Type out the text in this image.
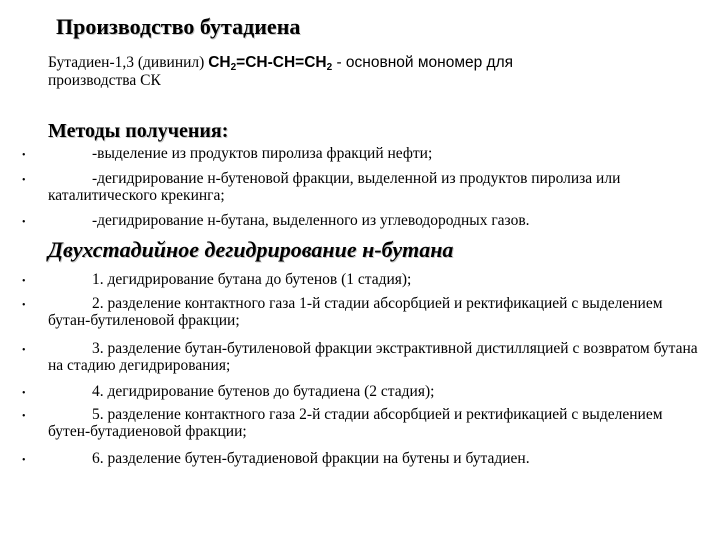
Производство бутадиена
Бутадиен-1,3 (дивинил) $CH_2=CH-CH=CH_2$ - основной мономер для
производства СК
Методы получения:
•	-выделение из продуктов пиролиза фракций нефти;
•	-дегидрирование н-бутеновой фракции, выделенной из продуктов пиролиза или каталитического крекинга;
•	-дегидрирование н-бутана, выделенного из углеводородных газов.
Двухстадийное дегидрирование н-бутана
•	1. дегидрирование бутана до бутенов (1 стадия);
•	2. разделение контактного газа 1-й стадии абсорбцией и ректификацией с выделением бутан-бутиленовой фракции;
•	3. разделение бутан-бутиленовой фракции экстрактивной дистилляцией с возвратом бутана на стадию дегидрирования;
•	4. дегидрирование бутенов до бутадиена (2 стадия);
•	5. разделение контактного газа 2-й стадии абсорбцией и ректификацией с выделением бутен-бутадиеновой фракции;
•	6. разделение бутен-бутадиеновой фракции на бутены и бутадиен.
